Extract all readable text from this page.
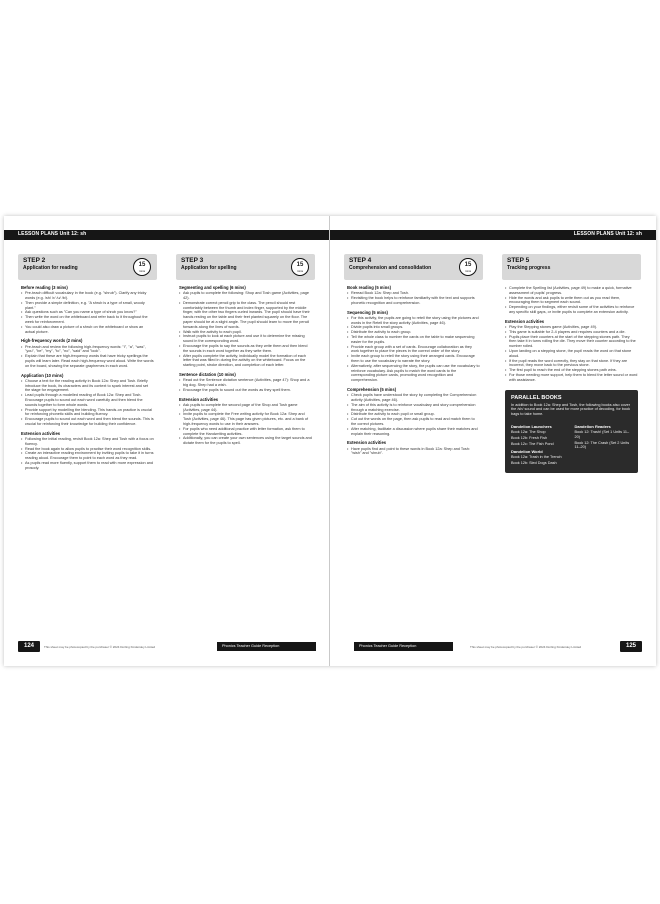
LESSON PLANS Unit 12: sh
STEP 2
Application for reading	15
mins
Before reading (3 mins)
• Pre-teach difficult vocabulary in the book (e.g. "shrub"). Clarify any tricky words (e.g. /sh/ /r/ /u/ /b/).
• Then provide a simple definition, e.g. "A shrub is a type of small, woody plant."
• Ask questions such as "Can you name a type of shrub you know?"
• Then write the word on the whiteboard and refer back to it throughout the week for reinforcement.
• You could also draw a picture of a shrub on the whiteboard or show an actual picture.
High-frequency words (2 mins)
• Pre-teach and review the following high-frequency words: "I", "a", "was", "you", "be", "my", "to", "no", "said" and "look".
• Explain that these are high-frequency words that have tricky spellings the pupils will learn later. Read each high-frequency word aloud. Write the words on the board, showing the separate graphemes in each word.
Application (10 mins)
• Choose a text for the reading activity in Book 12a: Shep and Tosh. Briefly introduce the book, its characters and its context to spark interest and set the stage for engagement.
• Lead pupils through a modelled reading of Book 12a: Shep and Tosh. Encourage pupils to sound out each word carefully and then blend the sounds together to form whole words.
• Provide support by modelling the blending. This hands-on practice is crucial for reinforcing phonetic skills and building fluency.
• Encourage pupils to sound out each word and then blend the sounds. This is crucial for reinforcing their knowledge for building their confidence.
Extension activities
• Following the initial reading, revisit Book 12a: Shep and Tosh with a focus on fluency.
• Read the book again to allow pupils to practise their word recognition skills.
• Create an interactive reading environment by inviting pupils to take it in turns reading aloud. Encourage them to point to each word as they read.
• As pupils read more fluently, support them to read with more expression and prosody.
STEP 3
Application for spelling	15
mins
Segmenting and spelling (6 mins)
• Ask pupils to complete the following: Shop and Tosh game (Activities, page 42).
• Demonstrate correct pencil grip to the class. The pencil should rest comfortably between the thumb and index finger, supported by the middle finger, with the other two fingers curled inwards. The pupil should have their hands resting on the table and their feet planted squarely on the floor. The paper should be at a slight angle. The pupil should learn to move the pencil forwards along the lines of words.
• Walk with the activity to each pupil.
• Instruct pupils to look at each picture and use it to determine the missing sound in the corresponding word.
• Encourage the pupils to say the sounds as they write them and then blend the sounds in each word together as they write them.
• After pupils complete the activity, individually model the formation of each letter that was filled in during the activity on the whiteboard. Focus on the starting point, stroke direction, and completion of each letter.
Sentence dictation (10 mins)
• Read out the Sentence dictation sentence (Activities, page 47): Shop and a big dog. Shep had a wish.
• Encourage the pupils to sound out the words as they spell them.
Extension activities
• Ask pupils to complete the second page of the Shop and Tosh game (Activities, page 44).
• Invite pupils to complete the Free writing activity for Book 12a: Shep and Tosh (Activities, page 46). This page has given pictures, etc. and a bank of high-frequency words to use in their answers.
• For pupils who need additional practice with letter formation, ask them to complete the Handwriting activities.
• Additionally, you can create your own sentences using the target sounds and dictate them for the pupils to spell.
124	This sheet may be photocopied by the purchaser © 2024 Dorling Kindersley Limited	Phonics Teacher Guide Reception
LESSON PLANS Unit 12: sh
STEP 4
Comprehension and consolidation	15
mins
Book reading (5 mins)
• Reread Book 12a: Shep and Tosh.
• Revisiting the book helps to reinforce familiarity with the text and supports phonetic recognition and comprehension.
Sequencing (5 mins)
• For this activity, the pupils are going to retell the story using the pictures and words in the Retell the story activity (Activities, page 46).
• Divide pupils into small groups.
• Distribute the activity to each group.
• Tell the whole class to number the cards on the table to make sequencing easier for the pupils.
• Provide each group with a set of cards. Encourage collaboration as they work together to place the pieces in the correct order of the story.
• Invite each group to retell the story using their arranged cards. Encourage them to use the vocabulary to narrate the story.
• Alternatively, after sequencing the story, the pupils can use the vocabulary to reinforce vocabulary. Ask pupils to match the word cards to the corresponding picture cards, promoting word recognition and comprehension.
Comprehension (5 mins)
• Check pupils have understood the story by completing the Comprehension activity (Activities, page 46).
• The aim of this activity is to reinforce vocabulary and story comprehension through a matching exercise.
• Distribute the activity to each pupil or small group.
• Cut out the words on the page, then ask pupils to read and match them to the correct pictures.
• After matching, facilitate a discussion where pupils share their matches and explain their reasoning.
Extension activities
• Have pupils find and point to these words in Book 12a: Shep and Tosh: "wish" and "shrub".
STEP 5
Tracking progress
• Complete the Spelling list (Activities, page 49) to make a quick, formative assessment of pupils' progress.
• Hide the words and ask pupils to write them out as you read them, encouraging them to segment each sound.
• Depending on your findings, either revisit some of the activities to reinforce any specific skill gaps, or invite pupils to complete an extension activity.
Extension activities
• Play the Stepping stones game (Activities, page 49).
• This game is suitable for 2-4 players and requires counters and a die.
• Pupils place their counters at the start of the stepping stones path. They then take it in turns rolling the die. They move their counter according to the number rolled.
• Upon landing on a stepping stone, the pupil reads the word on that stone aloud.
• If the pupil reads the word correctly, they stay on that stone. If they are incorrect, they move back to the previous stone.
• The first pupil to reach the end of the stepping stones path wins.
• For those needing more support, help them to blend the letter sound or word with assistance.
PARALLEL BOOKS
In addition to Book 12a: Shep and Tosh, the following books also cover the /sh/ sound and can be used for more practice of decoding, for book bags to take home.
Dandelion Launchers
Book 12a: The Shop
Book 12b: Fresh Fish
Book 12c: The Fish Pond
Dandelion World
Book 12a: Trash in the Trench
Book 12b: Sled Dogs Dash
Dandelion Readers
Book 12: Trash! (Set 1 Units 11–20)
Book 12: The Crash (Set 2 Units 11–20)
Phonics Teacher Guide Reception	This sheet may be photocopied by the purchaser © 2024 Dorling Kindersley Limited	125
